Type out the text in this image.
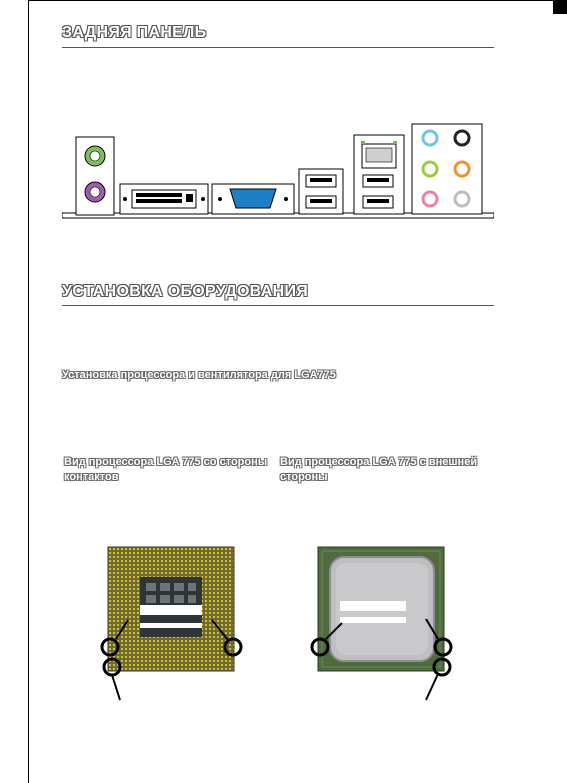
ЗАДНЯЯ ПАНЕЛЬ
УСТАНОВКА ОБОРУДОВАНИЯ
Установка процессора и вентилятора для LGA775
Вид процессора LGA 775 со стороны контактов
Вид процессора LGA 775 с внешней стороны
